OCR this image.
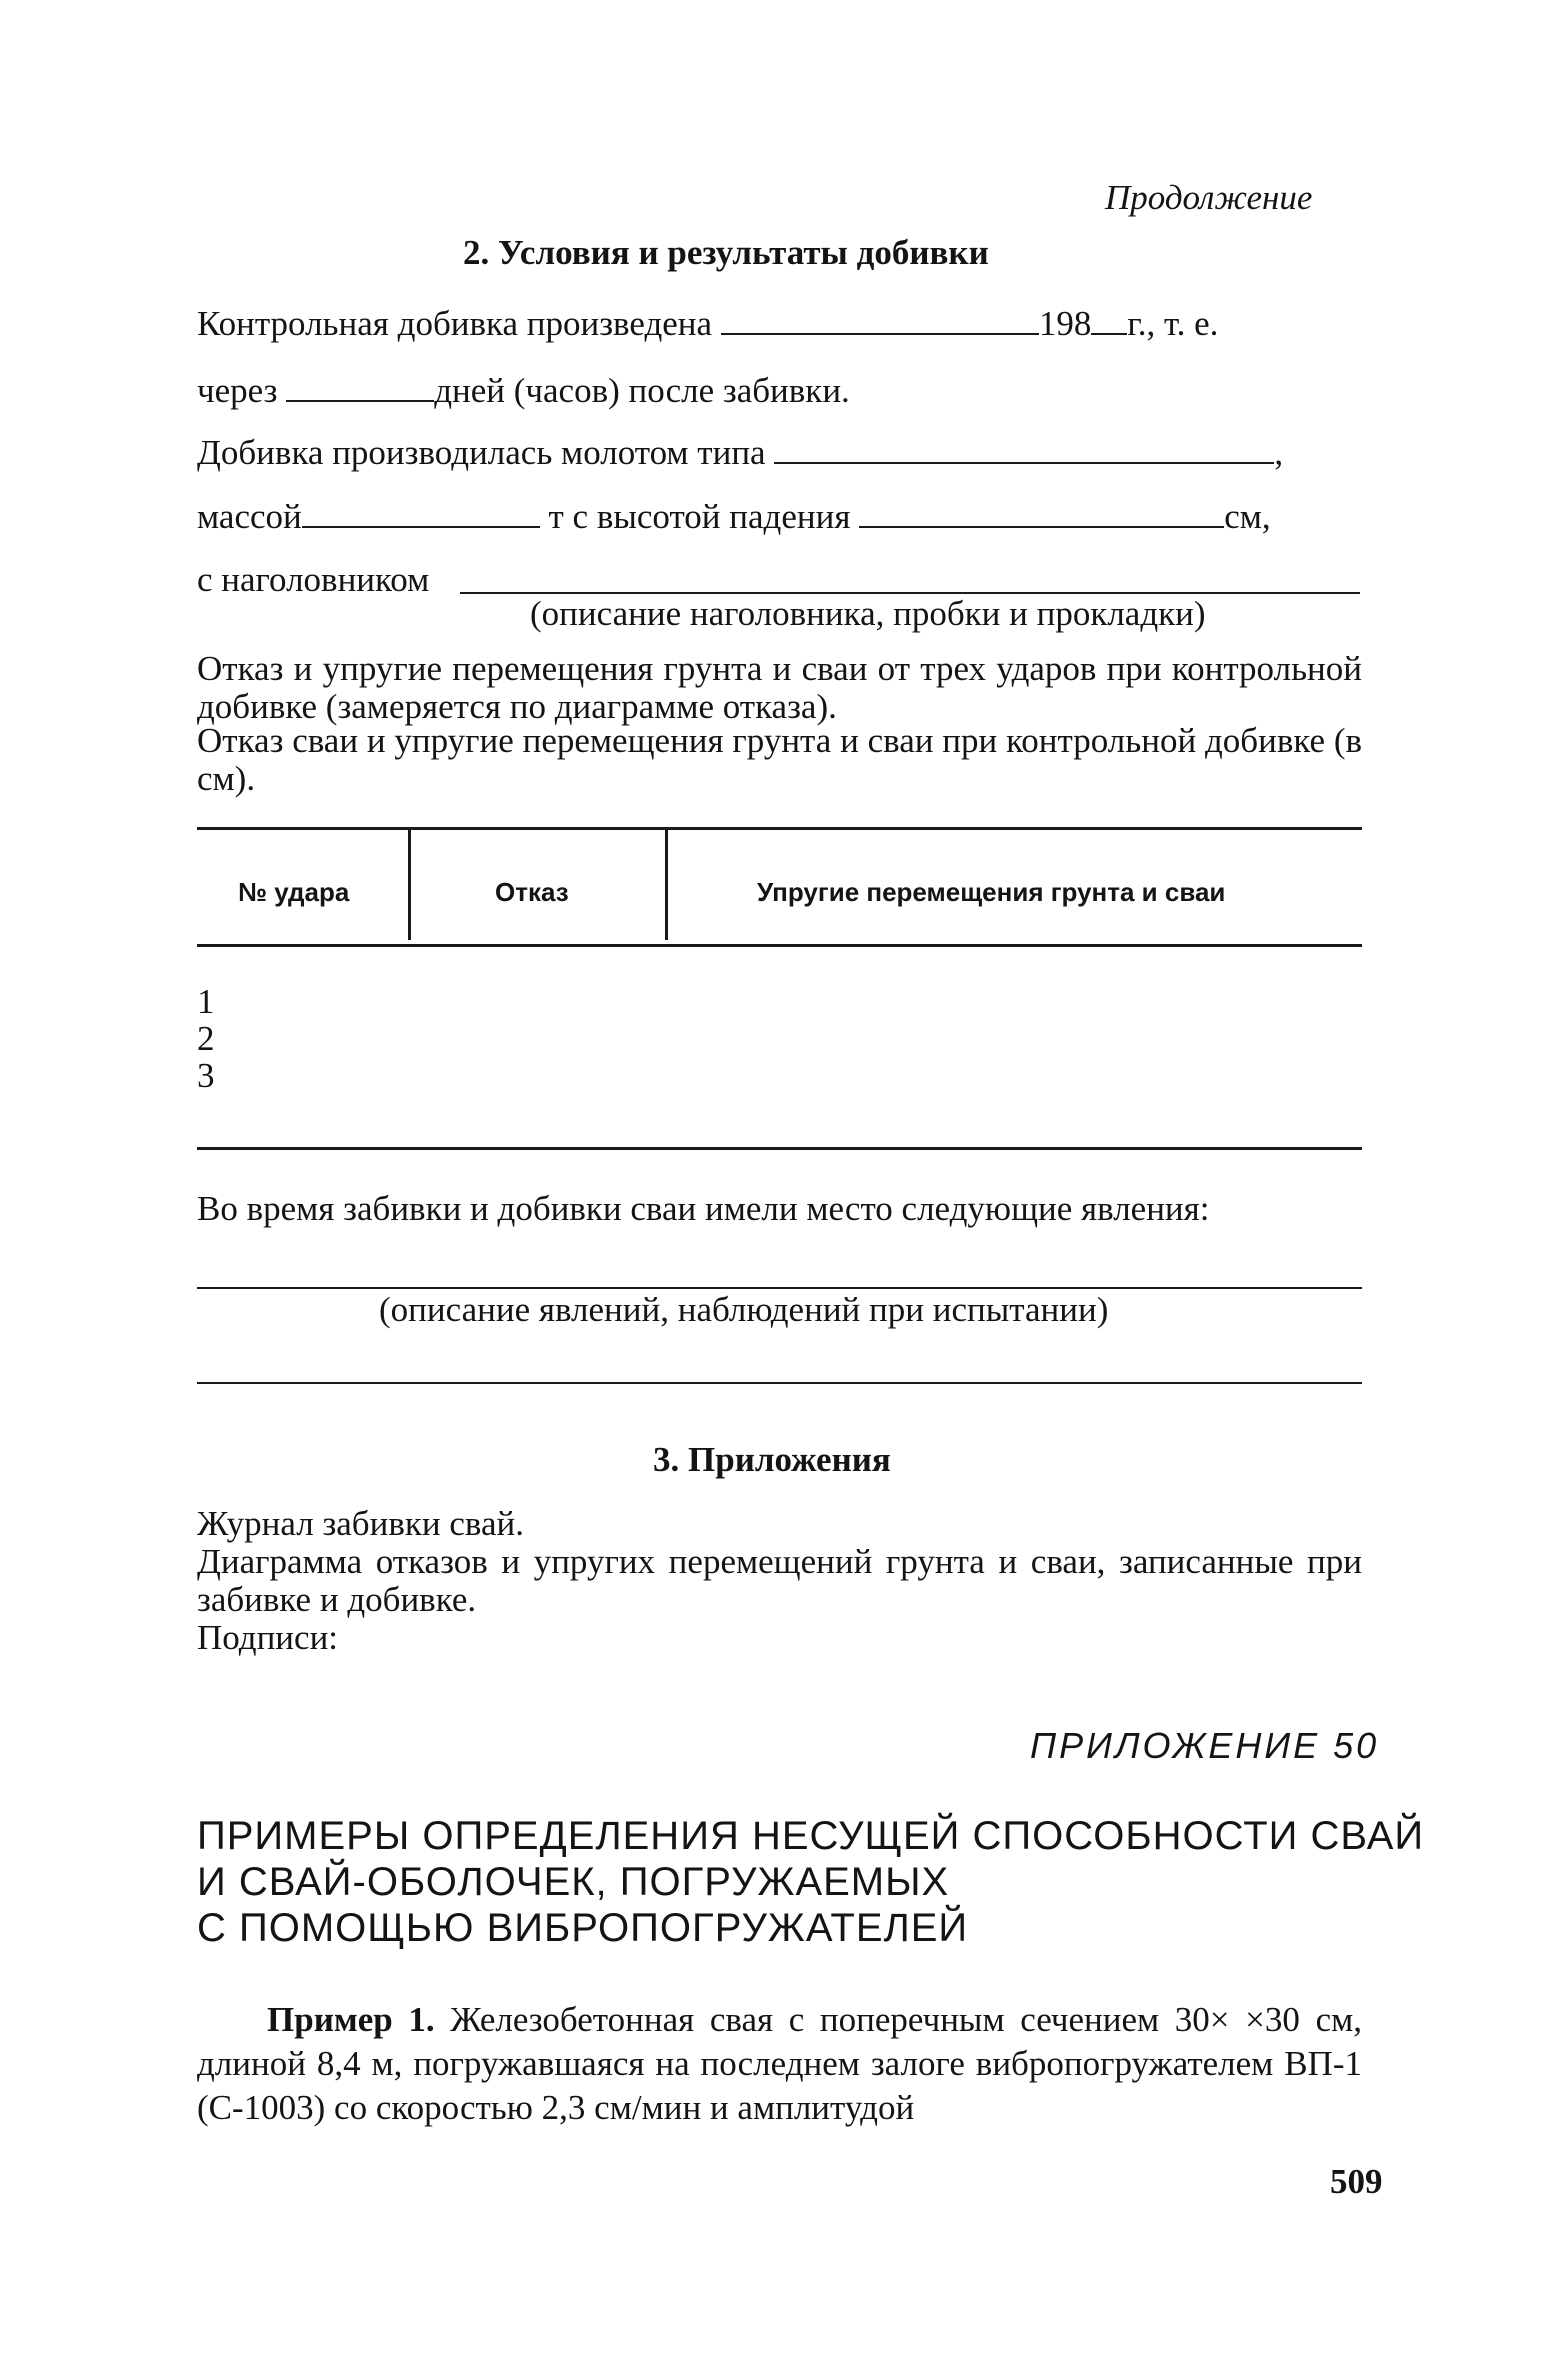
Продолжение
2. Условия и результаты добивки
Контрольная добивка произведена	198 г., т. е.
через	дней (часов) после забивки.
Добивка производилась молотом типа	,
массой	т с высотой падения	см,
с наголовником
(описание наголовника, пробки и прокладки)
Отказ и упругие перемещения грунта и сваи от трех ударов при контрольной добивке (замеряется по диаграмме отказа).
Отказ сваи и упругие перемещения грунта и сваи при контрольной добивке (в см).
№ удара	Отказ	Упругие перемещения грунта и сваи
1
2
3
Во время забивки и добивки сваи имели место следующие явления:
(описание явлений, наблюдений при испытании)
3. Приложения
Журнал забивки свай.
Диаграмма отказов и упругих перемещений грунта и сваи, записанные при забивке и добивке.
Подписи:
ПРИЛОЖЕНИЕ 50
ПРИМЕРЫ ОПРЕДЕЛЕНИЯ НЕСУЩЕЙ СПОСОБНОСТИ СВАЙ
И СВАЙ-ОБОЛОЧЕК, ПОГРУЖАЕМЫХ
С ПОМОЩЬЮ ВИБРОПОГРУЖАТЕЛЕЙ
Пример 1. Железобетонная свая с поперечным сечением 30× ×30 см, длиной 8,4 м, погружавшаяся на последнем залоге вибропогружателем ВП-1 (С-1003) со скоростью 2,3 см/мин и амплитудой
509
